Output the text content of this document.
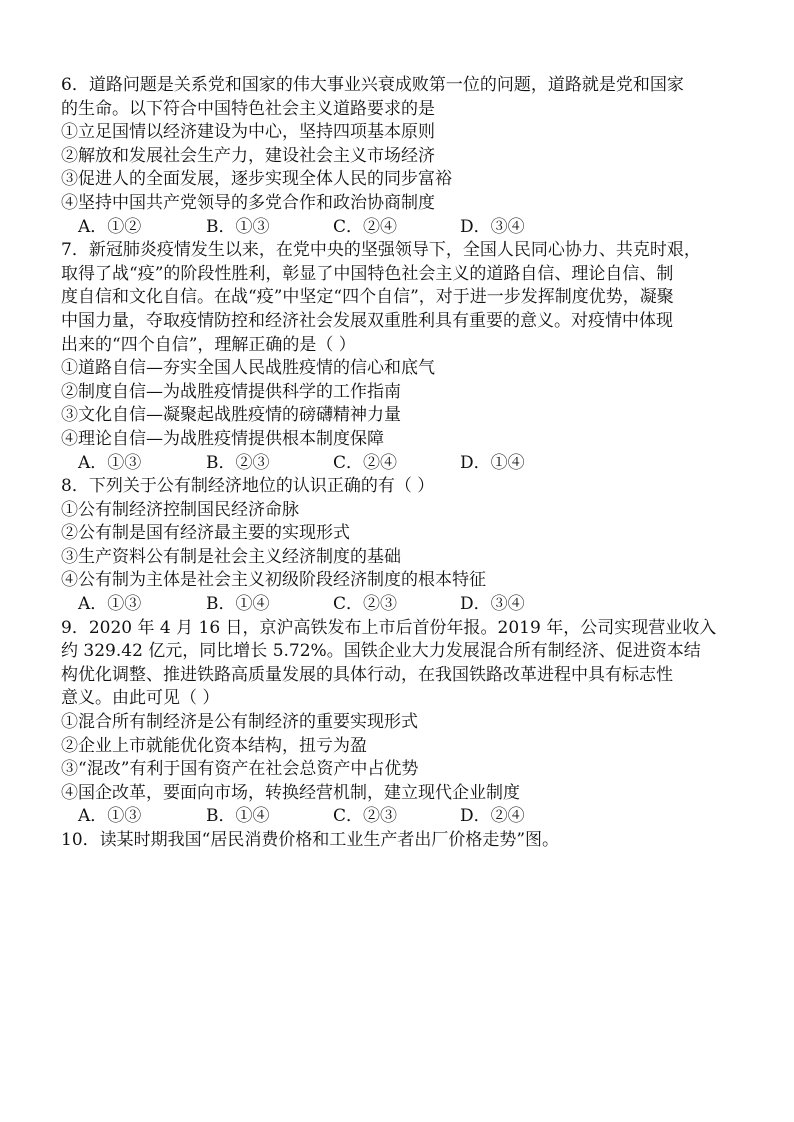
6．道路问题是关系党和国家的伟大事业兴衰成败第一位的问题，道路就是党和国家
的生命。以下符合中国特色社会主义道路要求的是
①立足国情以经济建设为中心，坚持四项基本原则
②解放和发展社会生产力，建设社会主义市场经济
③促进人的全面发展，逐步实现全体人民的同步富裕
④坚持中国共产党领导的多党合作和政治协商制度
A．①②	B．①③	C．②④	D．③④
7．新冠肺炎疫情发生以来，在党中央的坚强领导下，全国人民同心协力、共克时艰，
取得了战“疫”的阶段性胜利，彰显了中国特色社会主义的道路自信、理论自信、制
度自信和文化自信。在战“疫”中坚定“四个自信”，对于进一步发挥制度优势，凝聚
中国力量，夺取疫情防控和经济社会发展双重胜利具有重要的意义。对疫情中体现
出来的“四个自信”，理解正确的是（ ）
①道路自信—夯实全国人民战胜疫情的信心和底气
②制度自信—为战胜疫情提供科学的工作指南
③文化自信—凝聚起战胜疫情的磅礴精神力量
④理论自信—为战胜疫情提供根本制度保障
A．①③	B．②③	C．②④	D．①④
8．下列关于公有制经济地位的认识正确的有（ ）
①公有制经济控制国民经济命脉
②公有制是国有经济最主要的实现形式
③生产资料公有制是社会主义经济制度的基础
④公有制为主体是社会主义初级阶段经济制度的根本特征
A．①③	B．①④	C．②③	D．③④
9．2020 年 4 月 16 日，京沪高铁发布上市后首份年报。2019 年，公司实现营业收入
约 329.42 亿元，同比增长 5.72%。国铁企业大力发展混合所有制经济、促进资本结
构优化调整、推进铁路高质量发展的具体行动，在我国铁路改革进程中具有标志性
意义。由此可见（ ）
①混合所有制经济是公有制经济的重要实现形式
②企业上市就能优化资本结构，扭亏为盈
③“混改”有利于国有资产在社会总资产中占优势
④国企改革，要面向市场，转换经营机制，建立现代企业制度
A．①③	B．①④	C．②③	D．②④
10．读某时期我国“居民消费价格和工业生产者出厂价格走势”图。
